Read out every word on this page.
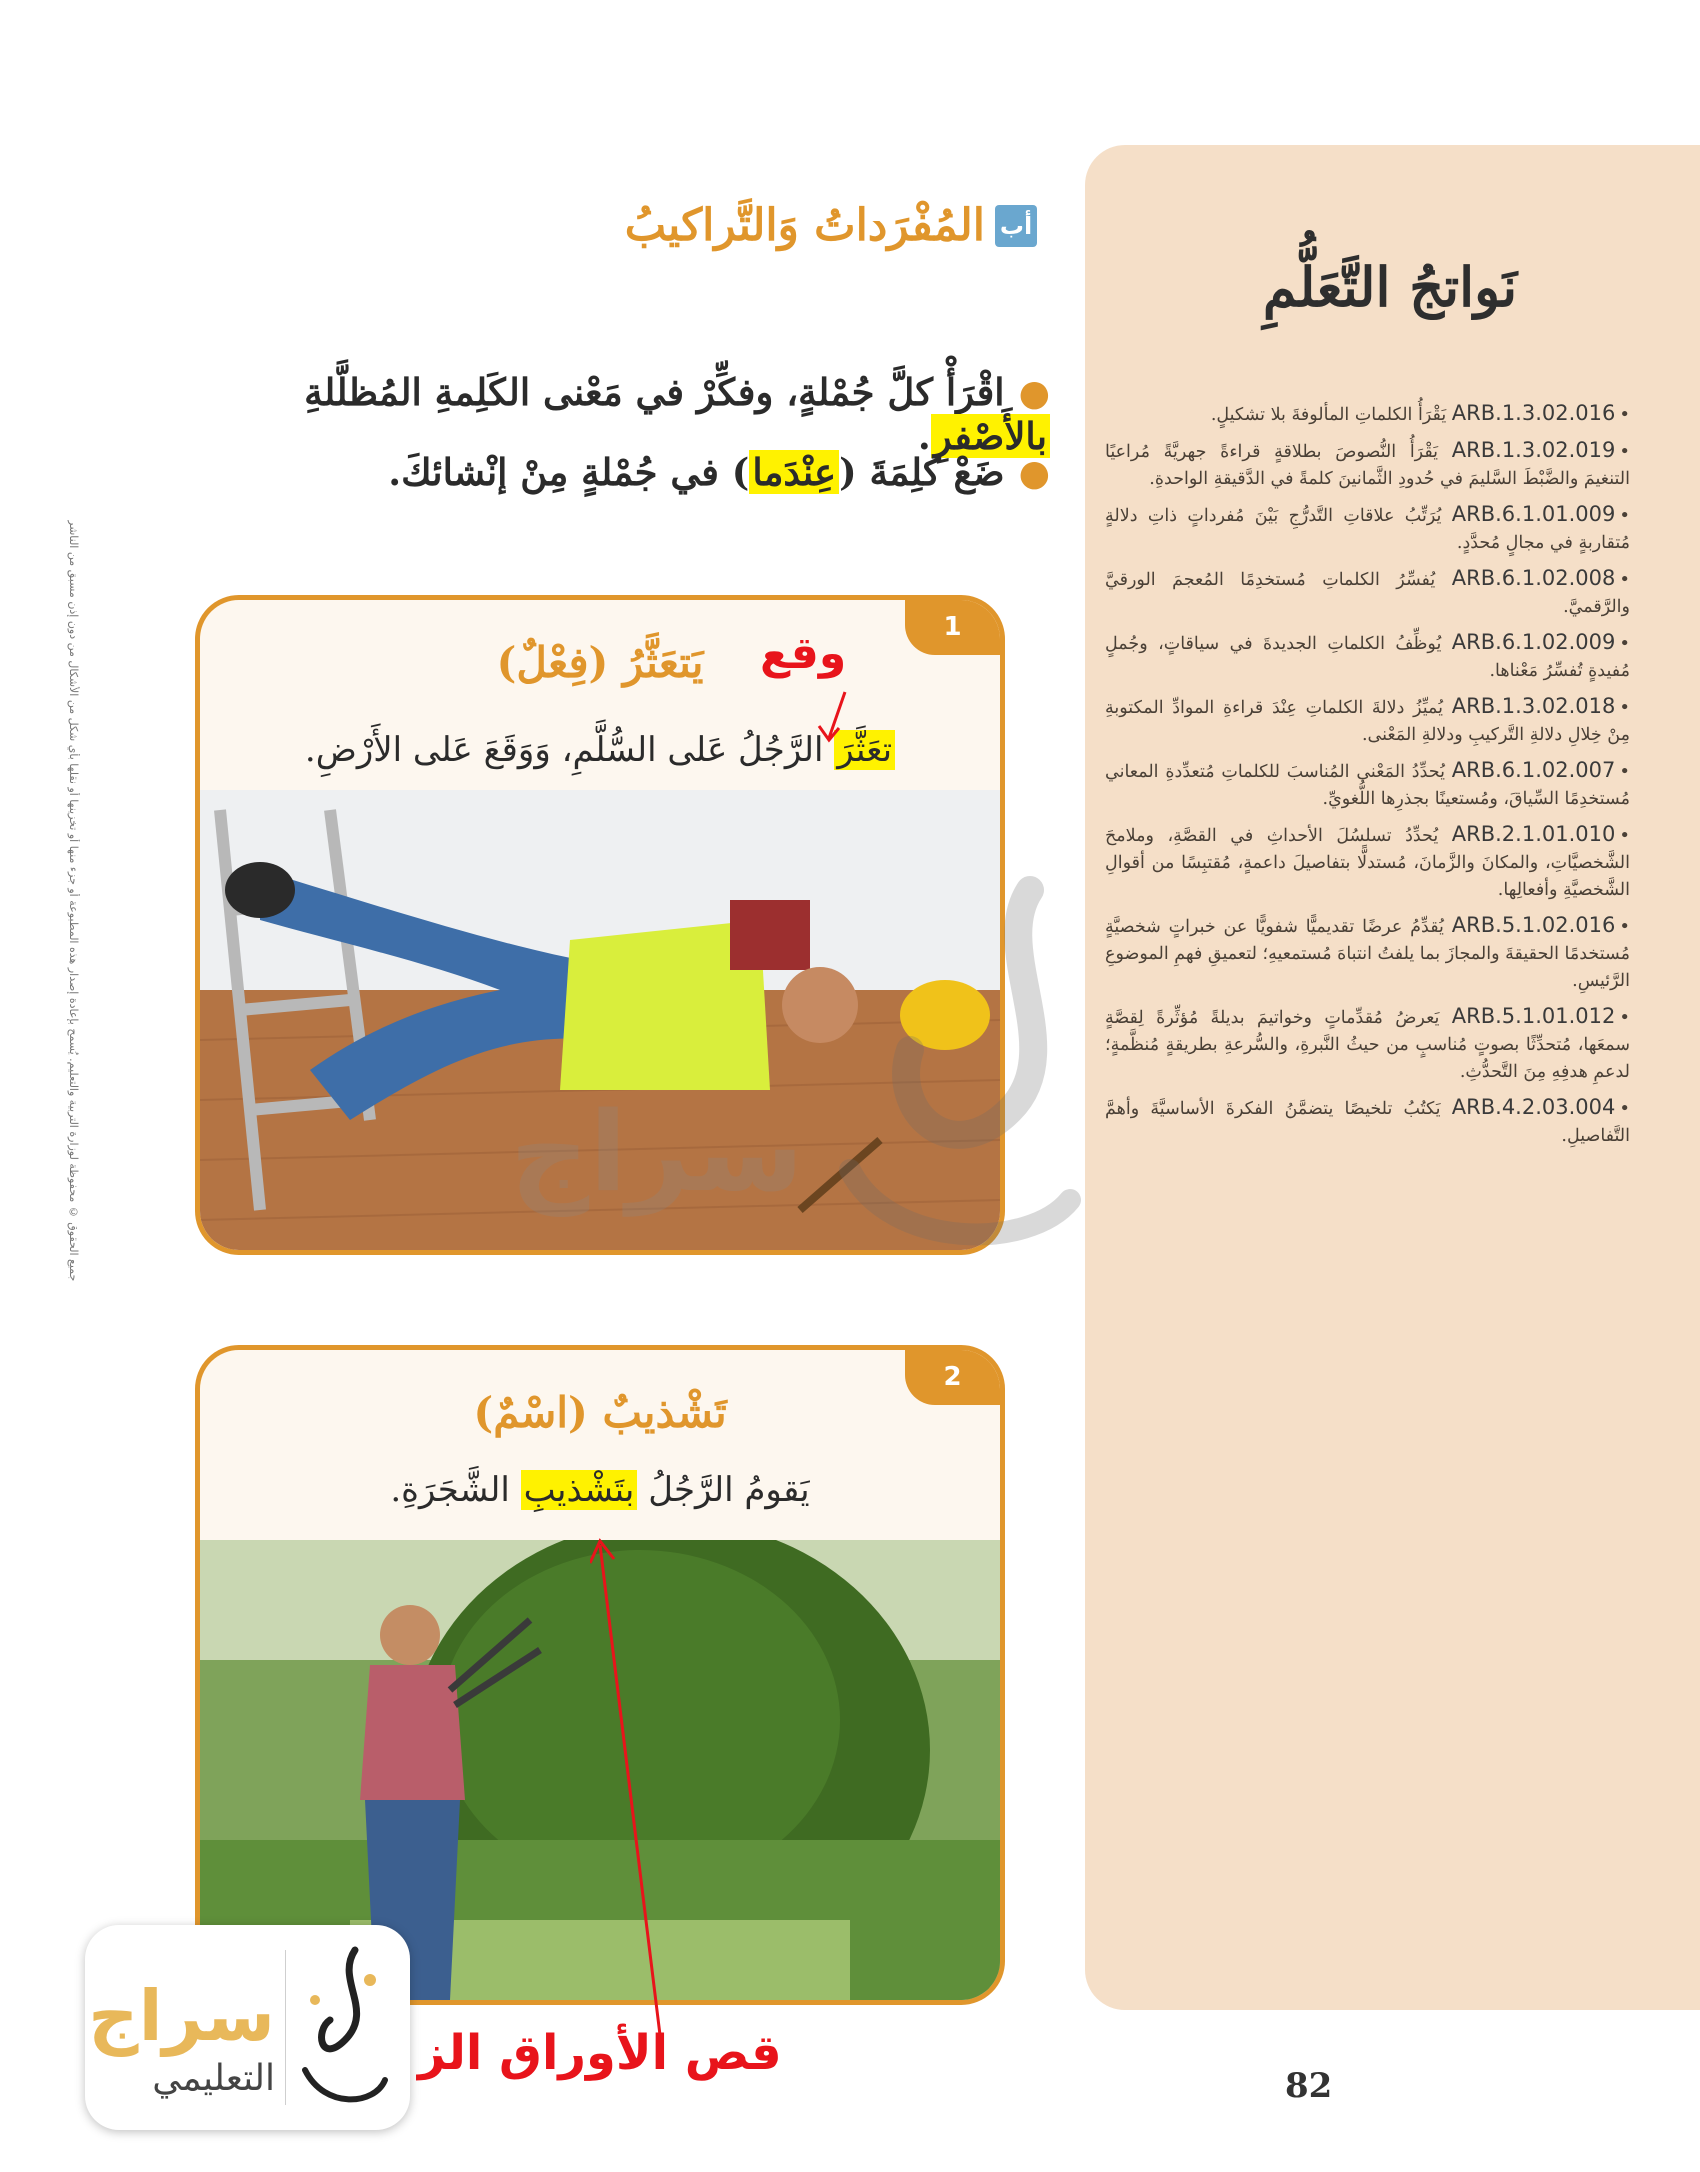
جميع الحقوق © محفوظة لوزارة التربية والتعليم. يُسمح بإعادة إصدار هذه المطبوعة أو جزء منها أو تخزينها أو نقلها بأي شكل من الأشكال من دون إذن مسبق من الناشر
نَواتجُ التَّعَلُّمِ
•ARB.1.3.02.016 يَقْرَأُ الكلماتِ المألوفةَ بلا تشكيلٍ.
•ARB.1.3.02.019 يَقْرَأُ النُّصوصَ بطلاقةٍ قراءةً جهريَّةً مُراعيًا التنغيمَ والضَّبْطَ السَّليمَ في حُدودِ الثَّمانينَ كلمةً في الدَّقيقةِ الواحدةِ.
•ARB.6.1.01.009 يُرَتِّبُ علاقاتِ التَّدرُّجِ بَيْنَ مُفرداتٍ ذاتِ دلالةٍ مُتقاربةٍ في مجالٍ مُحدَّدٍ.
•ARB.6.1.02.008 يُفسِّرُ الكلماتِ مُستخدِمًا المُعجمَ الورقيَّ والرَّقميَّ.
•ARB.6.1.02.009 يُوظِّفُ الكلماتِ الجديدةَ في سياقاتٍ، وجُملٍ مُفيدةٍ تُفسِّرُ مَعْناها.
•ARB.1.3.02.018 يُميِّزُ دلالةَ الكلماتِ عِنْدَ قراءةِ الموادِّ المكتوبةِ مِنْ خِلالِ دلالةِ التَّركيبِ ودلالةِ المَعْنى.
•ARB.6.1.02.007 يُحدِّدُ المَعْنى المُناسبَ للكلماتِ مُتعدِّدةِ المعاني مُستخدِمًا السِّياقَ، ومُستعينًا بجذرِها اللُّغويِّ.
•ARB.2.1.01.010 يُحدِّدُ تسلسُلَ الأحداثِ في القصَّةِ، وملامحَ الشَّخصيَّاتِ، والمكانَ والزَّمانَ، مُستدلًّا بتفاصيلَ داعمةٍ، مُقتبِسًا من أقوالِ الشَّخصيَّةِ وأفعالِها.
•ARB.5.1.02.016 يُقدِّمُ عرضًا تقديميًّا شفويًّا عن خبراتٍ شخصيَّةٍ مُستخدمًا الحقيقةَ والمجازَ بما يلفتُ انتباهَ مُستمعيهِ؛ لتعميقِ فهمِ الموضوعِ الرَّئيسِ.
•ARB.5.1.01.012 يَعرضُ مُقدِّماتٍ وخواتيمَ بديلةً مُؤثِّرةً لِقصَّةٍ سمعَها، مُتحدِّثًا بصوتٍ مُناسبٍ من حيثُ النَّبرةِ، والسُّرعةِ بطريقةٍ مُنظَّمةٍ؛ لدعمِ هدفِهِ مِنَ التَّحدُّثِ.
•ARB.4.2.03.004 يَكتُبُ تلخيصًا يتضمَّنُ الفكرةَ الأساسيَّةَ وأهمَّ التَّفاصيلِ.
أب
المُفْرَداتُ وَالتَّراكيبُ
●اقْرَأْ كلَّ جُمْلةٍ، وفكِّرْ في مَعْنى الكَلِمةِ المُظلَّلةِ بالأَصْفرِ.
●ضَعْ كلِمَةَ (عِنْدَما) في جُمْلةٍ مِنْ إنْشائكَ.
1
يَتعَثَّرُ (فِعْلٌ)
تعَثَّرَ الرَّجُلُ عَلى السُّلَّمِ، وَوَقَعَ عَلى الأَرْضِ.
2
تَشْذيبٌ (اسْمٌ)
يَقومُ الرَّجُلُ بتَشْذيبِ الشَّجَرَةِ.
وقع
قص الأوراق الز
82
سراج
سراج
التعليمي
